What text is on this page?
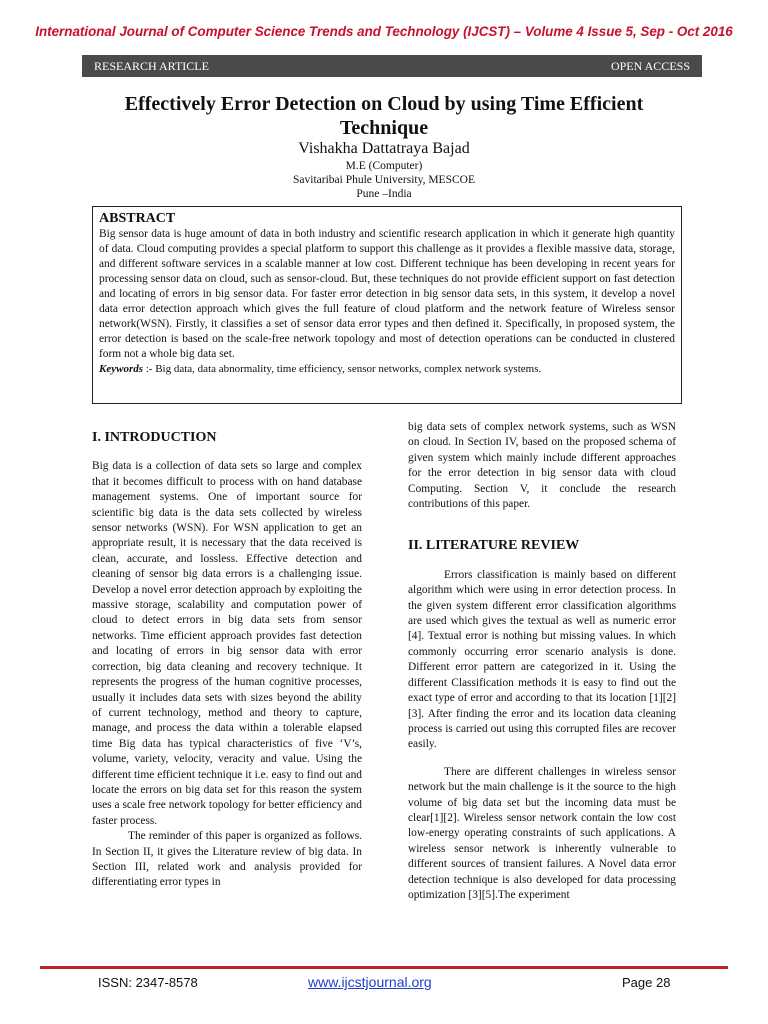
International Journal of Computer Science Trends and Technology (IJCST) – Volume 4 Issue 5, Sep - Oct 2016
RESEARCH ARTICLE	OPEN ACCESS
Effectively Error Detection on Cloud by using Time Efficient
Technique
Vishakha Dattatraya Bajad
M.E (Computer)
Savitaribai Phule University, MESCOE
Pune –India
ABSTRACT
Big sensor data is huge amount of data in both industry and scientific research application in which it generate high quantity of data. Cloud computing provides a special platform to support this challenge as it provides a flexible massive data, storage, and different software services in a scalable manner at low cost. Different technique has been developing in recent years for processing sensor data on cloud, such as sensor-cloud. But, these techniques do not provide efficient support on fast detection and locating of errors in big sensor data. For faster error detection in big sensor data sets, in this system, it develop a novel data error detection approach which gives the full feature of cloud platform and the network feature of Wireless sensor network(WSN). Firstly, it classifies a set of sensor data error types and then defined it. Specifically, in proposed system, the error detection is based on the scale-free network topology and most of detection operations can be conducted in clustered form not a whole big data set.
Keywords :- Big data, data abnormality, time efficiency, sensor networks, complex network systems.

I. INTRODUCTION

Big data is a collection of data sets so large and complex that it becomes difficult to process with on hand database management systems. One of important source for scientific big data is the data sets collected by wireless sensor networks (WSN). For WSN application to get an appropriate result, it is necessary that the data received is clean, accurate, and lossless. Effective detection and cleaning of sensor big data errors is a challenging issue. Develop a novel error detection approach by exploiting the massive storage, scalability and computation power of cloud to detect errors in big data sets from sensor networks. Time efficient approach provides fast detection and locating of errors in big sensor data with error correction, big data cleaning and recovery technique. It represents the progress of the human cognitive processes, usually it includes data sets with sizes beyond the ability of current technology, method and theory to capture, manage, and process the data within a tolerable elapsed time Big data has typical characteristics of five ‘V’s, volume, variety, velocity, veracity and value. Using the different time efficient technique it i.e. easy to find out and locate the errors on big data set for this reason the system uses a scale free network topology for better efficiency and faster process.

The reminder of this paper is organized as follows. In Section II, it gives the Literature review of big data. In Section III, related work and analysis provided for differentiating error types in

big data sets of complex network systems, such as WSN on cloud. In Section IV, based on the proposed schema of given system which mainly include different approaches for the error detection in big sensor data with cloud Computing. Section V, it conclude the research contributions of this paper.

II. LITERATURE REVIEW

Errors classification is mainly based on different algorithm which were using in error detection process. In the given system different error classification algorithms are used which gives the textual as well as numeric error [4]. Textual error is nothing but missing values. In which commonly occurring error scenario analysis is done. Different error pattern are categorized in it. Using the different Classification methods it is easy to find out the exact type of error and according to that its location [1][2][3]. After finding the error and its location data cleaning process is carried out using this corrupted files are recover easily.

There are different challenges in wireless sensor network but the main challenge is it the source to the high volume of big data set but the incoming data must be clear[1][2]. Wireless sensor network contain the low cost low-energy operating constraints of such applications. A wireless sensor network is inherently vulnerable to different sources of transient failures. A Novel data error detection technique is also developed for data processing optimization [3][5].The experiment

ISSN: 2347-8578	www.ijcstjournal.org	Page 28
